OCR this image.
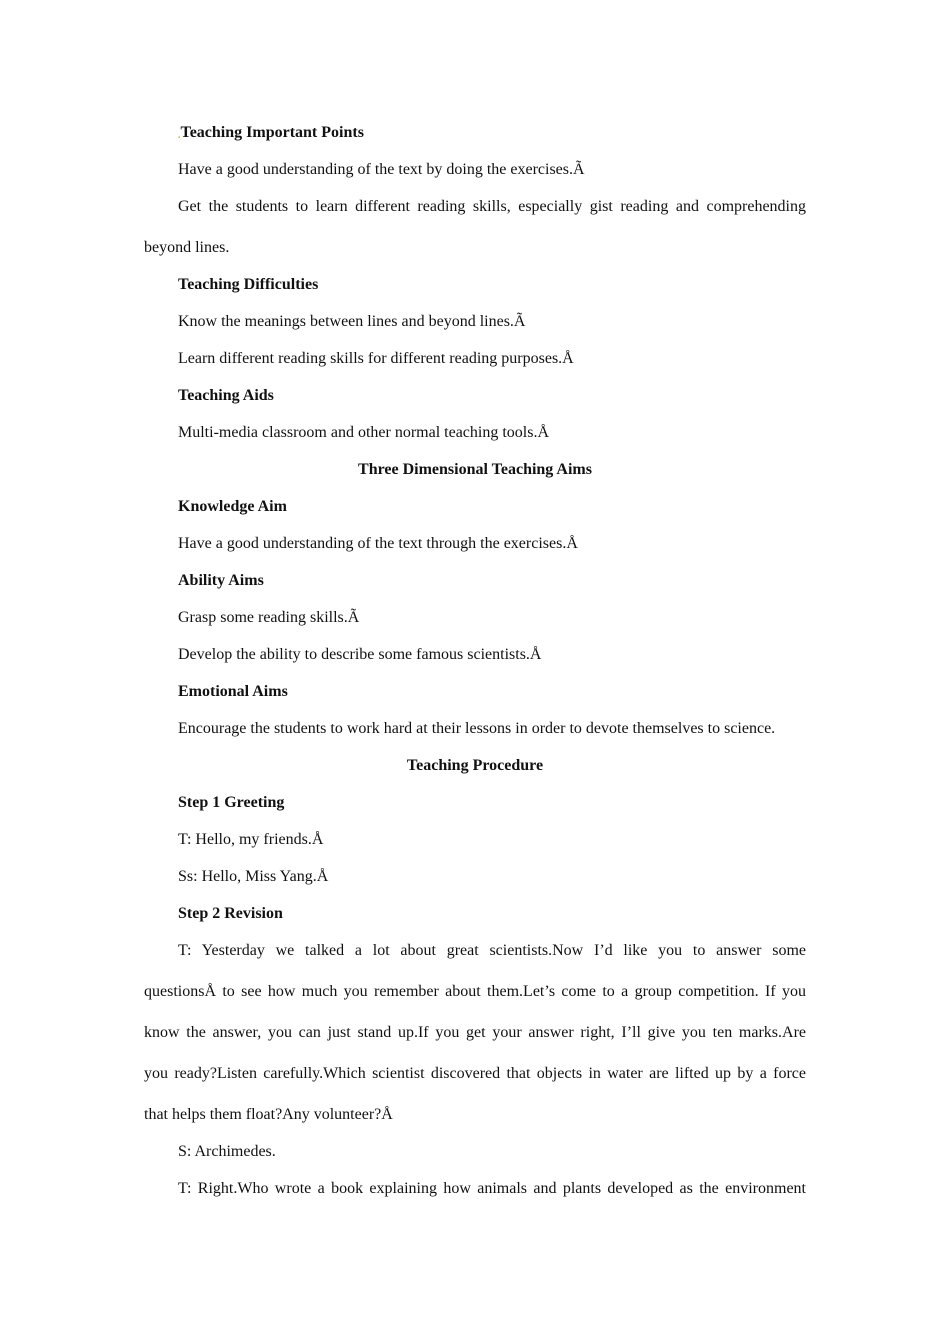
.Teaching Important Points
Have a good understanding of the text by doing the exercises.Ã
Get the students to learn different reading skills, especially gist reading and comprehending
beyond lines.
Teaching Difficulties
Know the meanings between lines and beyond lines.Ã
Learn different reading skills for different reading purposes.Å
Teaching Aids
Multi-media classroom and other normal teaching tools.Å
Three Dimensional Teaching Aims
Knowledge Aim
Have a good understanding of the text through the exercises.Å
Ability Aims
Grasp some reading skills.Ã
Develop the ability to describe some famous scientists.Å
Emotional Aims
Encourage the students to work hard at their lessons in order to devote themselves to science.
Teaching Procedure
Step 1 Greeting
T: Hello, my friends.Å
Ss: Hello, Miss Yang.Å
Step 2 Revision
T: Yesterday we talked a lot about great scientists.Now I’d like you to answer some
questionsÅ to see how much you remember about them.Let’s come to a group competition. If you
know the answer, you can just stand up.If you get your answer right, I’ll give you ten marks.Are
you ready?Listen carefully.Which scientist discovered that objects in water are lifted up by a force
that helps them float?Any volunteer?Å
S: Archimedes.
T: Right.Who wrote a book explaining how animals and plants developed as the environment
